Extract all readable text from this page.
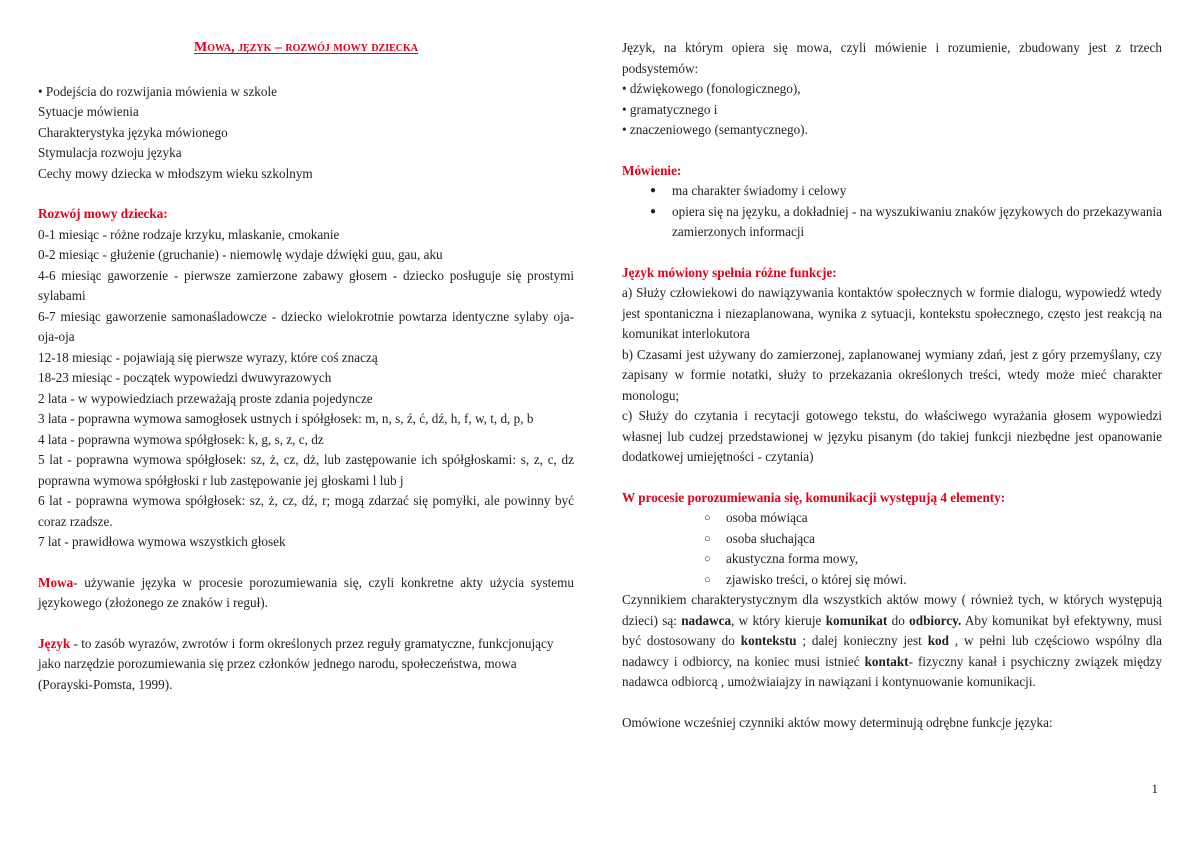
Mowa, język – rozwój mowy dziecka

• Podejścia do rozwijania mówienia w szkole

Sytuacje mówienia

Charakterystyka języka mówionego

Stymulacja rozwoju języka

Cechy mowy dziecka w młodszym wieku szkolnym

Rozwój mowy dziecka:

0-1 miesiąc - różne rodzaje krzyku, mlaskanie, cmokanie

0-2 miesiąc - głużenie (gruchanie) - niemowlę wydaje dźwięki guu, gau, aku

4-6 miesiąc gaworzenie - pierwsze zamierzone zabawy głosem - dziecko posługuje się prostymi sylabami

6-7 miesiąc gaworzenie samonaśladowcze - dziecko wielokrotnie powtarza identyczne sylaby oja-oja-oja

12-18 miesiąc - pojawiają się pierwsze wyrazy, które coś znaczą

18-23 miesiąc - początek wypowiedzi dwuwyrazowych

2 lata - w wypowiedziach przeważają proste zdania pojedyncze

3 lata - poprawna wymowa samogłosek ustnych i spółgłosek: m, n, s, ź, ć, dź, h, f, w, t, d, p, b

4 lata - poprawna wymowa spółgłosek: k, g, s, z, c, dz

5 lat - poprawna wymowa spółgłosek: sz, ż, cz, dż, lub zastępowanie ich spółgłoskami: s, z, c, dz poprawna wymowa spółgłoski r lub zastępowanie jej głoskami l lub j

6 lat - poprawna wymowa spółgłosek: sz, ż, cz, dź, r; mogą zdarzać się pomyłki, ale powinny być coraz rzadsze.

7 lat - prawidłowa wymowa wszystkich głosek

Mowa- używanie języka w procesie porozumiewania się, czyli konkretne akty użycia systemu językowego (złożonego ze znaków i reguł).

Język - to zasób wyrazów, zwrotów i form określonych przez reguły gramatyczne, funkcjonujący jako narzędzie porozumiewania się przez członków jednego narodu, społeczeństwa, mowa (Porayski-Pomsta, 1999).

Język, na którym opiera się mowa, czyli mówienie i rozumienie, zbudowany jest z trzech podsystemów:

• dźwiękowego (fonologicznego),

• gramatycznego i

• znaczeniowego (semantycznego).

Mówienie:

● ma charakter świadomy i celowy

● opiera się na języku, a dokładniej - na wyszukiwaniu znaków językowych do przekazywania zamierzonych informacji

Język mówiony spełnia różne funkcje:

a) Służy człowiekowi do nawiązywania kontaktów społecznych w formie dialogu, wypowiedź wtedy jest spontaniczna i niezaplanowana, wynika z sytuacji, kontekstu społecznego, często jest reakcją na komunikat interlokutora

b) Czasami jest używany do zamierzonej, zaplanowanej wymiany zdań, jest z góry przemyślany, czy zapisany w formie notatki, służy to przekazania określonych treści, wtedy może mieć charakter monologu;

c) Służy do czytania i recytacji gotowego tekstu, do właściwego wyrażania głosem wypowiedzi własnej lub cudzej przedstawionej w języku pisanym (do takiej funkcji niezbędne jest opanowanie dodatkowej umiejętności - czytania)

W procesie porozumiewania się, komunikacji występują 4 elementy:

○ osoba mówiąca

○ osoba słuchająca

○ akustyczna forma mowy,

○ zjawisko treści, o której się mówi.

Czynnikiem charakterystycznym dla wszystkich aktów mowy ( również tych, w których występują dzieci) są: nadawca, w który kieruje komunikat do odbiorcy. Aby komunikat był efektywny, musi być dostosowany do kontekstu ; dalej konieczny jest kod , w pełni lub częściowo wspólny dla nadawcy i odbiorcy, na koniec musi istnieć kontakt- fizyczny kanał i psychiczny związek między nadawca odbiorcą , umożwiaiajzy in nawiązani i kontynuowanie komunikacji.

Omówione wcześniej czynniki aktów mowy determinują odrębne funkcje języka:

1
